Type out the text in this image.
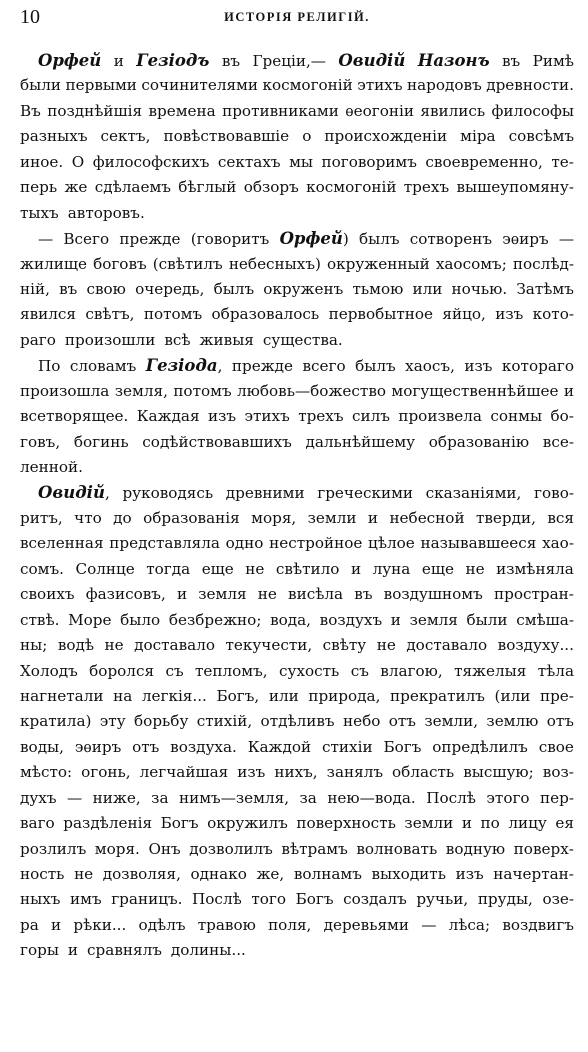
10	ИСТОРІЯ РЕЛИГІЙ.
Орфей и Гезіодъ въ Греціи,— Овидій Назонъ въ Римѣ
были первыми сочинителями космогоній этихъ народовъ древности.
Въ позднѣйшія времена противниками ѳеогоніи явились философы
разныхъ сектъ, повѣствовавшіе о происхожденіи міра совсѣмъ
иное. О философскихъ сектахъ мы поговоримъ своевременно, те-
перь же сдѣлаемъ бѣглый обзоръ космогоній трехъ вышеупомяну-
тыхъ авторовъ.
— Всего прежде (говоритъ Орфей) былъ сотворенъ эѳиръ —
жилище боговъ (свѣтилъ небесныхъ) окруженный хаосомъ; послѣд-
ній, въ свою очередь, былъ окруженъ тьмою или ночью. Затѣмъ
явился свѣтъ, потомъ образовалось первобытное яйцо, изъ кото-
раго произошли всѣ живыя существа.
По словамъ Гезіода, прежде всего былъ хаосъ, изъ котораго
произошла земля, потомъ любовь—божество могущественнѣйшее и
всетворящее. Каждая изъ этихъ трехъ силъ произвела сонмы бо-
говъ, богинь содѣйствовавшихъ дальнѣйшему образованію все-
ленной.
Овидій, руководясь древними греческими сказаніями, гово-
ритъ, что до образованія моря, земли и небесной тверди, вся
вселенная представляла одно нестройное цѣлое называвшееся хао-
сомъ. Солнце тогда еще не свѣтило и луна еще не измѣняла
своихъ фазисовъ, и земля не висѣла въ воздушномъ простран-
ствѣ. Море было безбрежно; вода, воздухъ и земля были смѣша-
ны; водѣ не доставало текучести, свѣту не доставало воздуху...
Холодъ боролся съ тепломъ, сухость съ влагою, тяжелыя тѣла
нагнетали на легкія... Богъ, или природа, прекратилъ (или пре-
кратила) эту борьбу стихій, отдѣливъ небо отъ земли, землю отъ
воды, эѳиръ отъ воздуха. Каждой стихіи Богъ опредѣлилъ свое
мѣсто: огонь, легчайшая изъ нихъ, занялъ область высшую; воз-
духъ — ниже, за нимъ—земля, за нею—вода. Послѣ этого пер-
ваго раздѣленія Богъ окружилъ поверхность земли и по лицу ея
розлилъ моря. Онъ дозволилъ вѣтрамъ волновать водную поверх-
ность не дозволяя, однако же, волнамъ выходить изъ начертан-
ныхъ имъ границъ. Послѣ того Богъ создалъ ручьи, пруды, озе-
ра и рѣки... одѣлъ травою поля, деревьями — лѣса; воздвигъ
горы и сравнялъ долины...
